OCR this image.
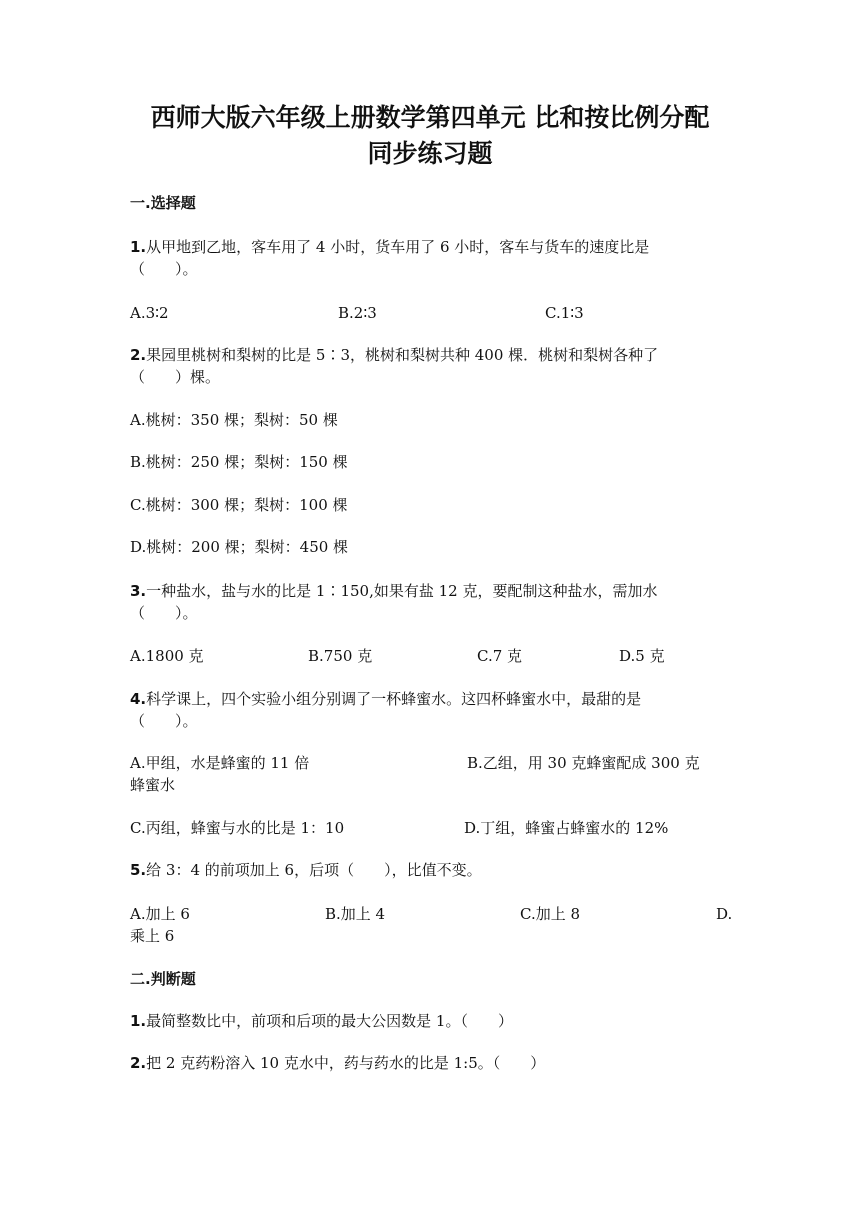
西师大版六年级上册数学第四单元 比和按比例分配
同步练习题
一.选择题
1.从甲地到乙地，客车用了 4 小时，货车用了 6 小时，客车与货车的速度比是
（　　）。
A.3∶2	B.2∶3	C.1∶3
2.果园里桃树和梨树的比是 5∶3，桃树和梨树共种 400 棵．桃树和梨树各种了
（　　）棵。
A.桃树：350 棵；梨树：50 棵
B.桃树：250 棵；梨树：150 棵
C.桃树：300 棵；梨树：100 棵
D.桃树：200 棵；梨树：450 棵
3.一种盐水，盐与水的比是 1∶150,如果有盐 12 克，要配制这种盐水，需加水
（　　）。
A.1800 克	B.750 克	C.7 克	D.5 克
4.科学课上，四个实验小组分别调了一杯蜂蜜水。这四杯蜂蜜水中，最甜的是
（　　）。
A.甲组，水是蜂蜜的 11 倍	B.乙组，用 30 克蜂蜜配成 300 克
蜂蜜水
C.丙组，蜂蜜与水的比是 1：10	D.丁组，蜂蜜占蜂蜜水的 12%
5.给 3：4 的前项加上 6，后项（　　），比值不变。
A.加上 6	B.加上 4	C.加上 8	D.
乘上 6
二.判断题
1.最简整数比中，前项和后项的最大公因数是 1。（　　）
2.把 2 克药粉溶入 10 克水中，药与药水的比是 1:5。（　　）
